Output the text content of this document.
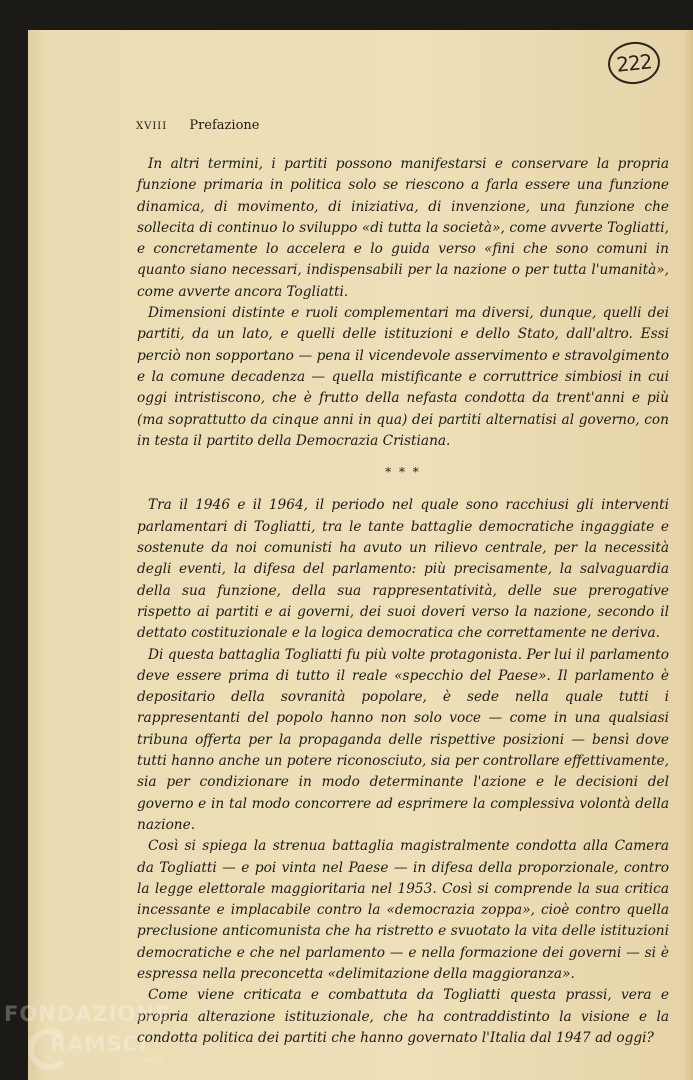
222
XVIII Prefazione

In altri termini, i partiti possono manifestarsi e conservare la propria funzione primaria in politica solo se riescono a farla essere una funzione dinamica, di movimento, di iniziativa, di invenzione, una funzione che sollecita di continuo lo sviluppo «di tutta la società», come avverte Togliatti, e concretamente lo accelera e lo guida verso «fini che sono comuni in quanto siano necessari, indispensabili per la nazione o per tutta l'umanità», come avverte ancora Togliatti.

Dimensioni distinte e ruoli complementari ma diversi, dunque, quelli dei partiti, da un lato, e quelli delle istituzioni e dello Stato, dall'altro. Essi perciò non sopportano — pena il vicendevole asservimento e stravolgimento e la comune decadenza — quella mistificante e corruttrice simbiosi in cui oggi intristiscono, che è frutto della nefasta condotta da trent'anni e più (ma soprattutto da cinque anni in qua) dei partiti alternatisi al governo, con in testa il partito della Democrazia Cristiana.

* * *

Tra il 1946 e il 1964, il periodo nel quale sono racchiusi gli interventi parlamentari di Togliatti, tra le tante battaglie democratiche ingaggiate e sostenute da noi comunisti ha avuto un rilievo centrale, per la necessità degli eventi, la difesa del parlamento: più precisamente, la salvaguardia della sua funzione, della sua rappresentatività, delle sue prerogative rispetto ai partiti e ai governi, dei suoi doveri verso la nazione, secondo il dettato costituzionale e la logica democratica che correttamente ne deriva.

Di questa battaglia Togliatti fu più volte protagonista. Per lui il parlamento deve essere prima di tutto il reale «specchio del Paese». Il parlamento è depositario della sovranità popolare, è sede nella quale tutti i rappresentanti del popolo hanno non solo voce — come in una qualsiasi tribuna offerta per la propaganda delle rispettive posizioni — bensì dove tutti hanno anche un potere riconosciuto, sia per controllare effettivamente, sia per condizionare in modo determinante l'azione e le decisioni del governo e in tal modo concorrere ad esprimere la complessiva volontà della nazione.

Così si spiega la strenua battaglia magistralmente condotta alla Camera da Togliatti — e poi vinta nel Paese — in difesa della proporzionale, contro la legge elettorale maggioritaria nel 1953. Così si comprende la sua critica incessante e implacabile contro la «democrazia zoppa», cioè contro quella preclusione anticomunista che ha ristretto e svuotato la vita delle istituzioni democratiche e che nel parlamento — e nella formazione dei governi — si è espressa nella preconcetta «delimitazione della maggioranza».

Come viene criticata e combattuta da Togliatti questa prassi, vera e propria alterazione istituzionale, che ha contraddistinto la visione e la condotta politica dei partiti che hanno governato l'Italia dal 1947 ad oggi?

FONDAZIONE
RAMSCI
onlus
